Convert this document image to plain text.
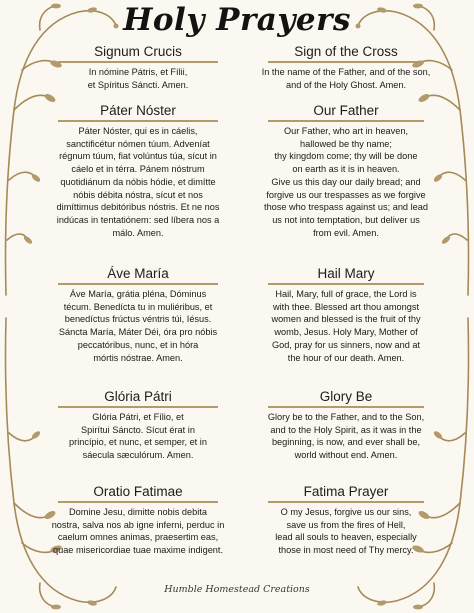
Holy Prayers
Signum Crucis
In nómine Pátris, et Fílii,
et Spíritus Sáncti. Amen.
Páter Nóster
Páter Nóster, qui es in cáelis,
sanctificétur nómen túum. Adveníat
régnum túum, fiat volúntus túa, sícut in
cáelo et in térra. Pánem nóstrum
quotidiánum da nóbis hódie, et dimítte
nóbis débita nóstra, sícut et nos
dimíttimus debitóribus nóstris. Et ne nos
indúcas in tentatiónem: sed líbera nos a
málo. Amen.
Áve María
Áve María, grátia pléna, Dóminus
técum. Benedícta tu in muliéribus, et
benedíctus frúctus véntris túi, Iésus.
Sáncta María, Máter Déi, óra pro nóbis
peccatóribus, nunc, et in hóra
mórtis nóstrae. Amen.
Glória Pátri
Glória Pátri, et Fílio, et
Spirítui Sáncto. Sícut érat in
princípio, et nunc, et semper, et in
sáecula sæculórum. Amen.
Oratio Fatimae
Domine Jesu, dimitte nobis debita
nostra, salva nos ab igne inferni, perduc in
caelum omnes animas, praesertim eas,
quae misericordiae tuae maxime indigent.
Sign of the Cross
In the name of the Father, and of the son,
and of the Holy Ghost. Amen.
Our Father
Our Father, who art in heaven,
hallowed be thy name;
thy kingdom come; thy will be done
on earth as it is in heaven.
Give us this day our daily bread; and
forgive us our trespasses as we forgive
those who trespass against us; and lead
us not into temptation, but deliver us
from evil. Amen.
Hail Mary
Hail, Mary, full of grace, the Lord is
with thee. Blessed art thou amongst
women and blessed is the fruit of thy
womb, Jesus. Holy Mary, Mother of
God, pray for us sinners, now and at
the hour of our death. Amen.
Glory Be
Glory be to the Father, and to the Son,
and to the Holy Spirit, as it was in the
beginning, is now, and ever shall be,
world without end. Amen.
Fatima Prayer
O my Jesus, forgive us our sins,
save us from the fires of Hell,
lead all souls to heaven, especially
those in most need of Thy mercy.
Humble Homestead Creations
